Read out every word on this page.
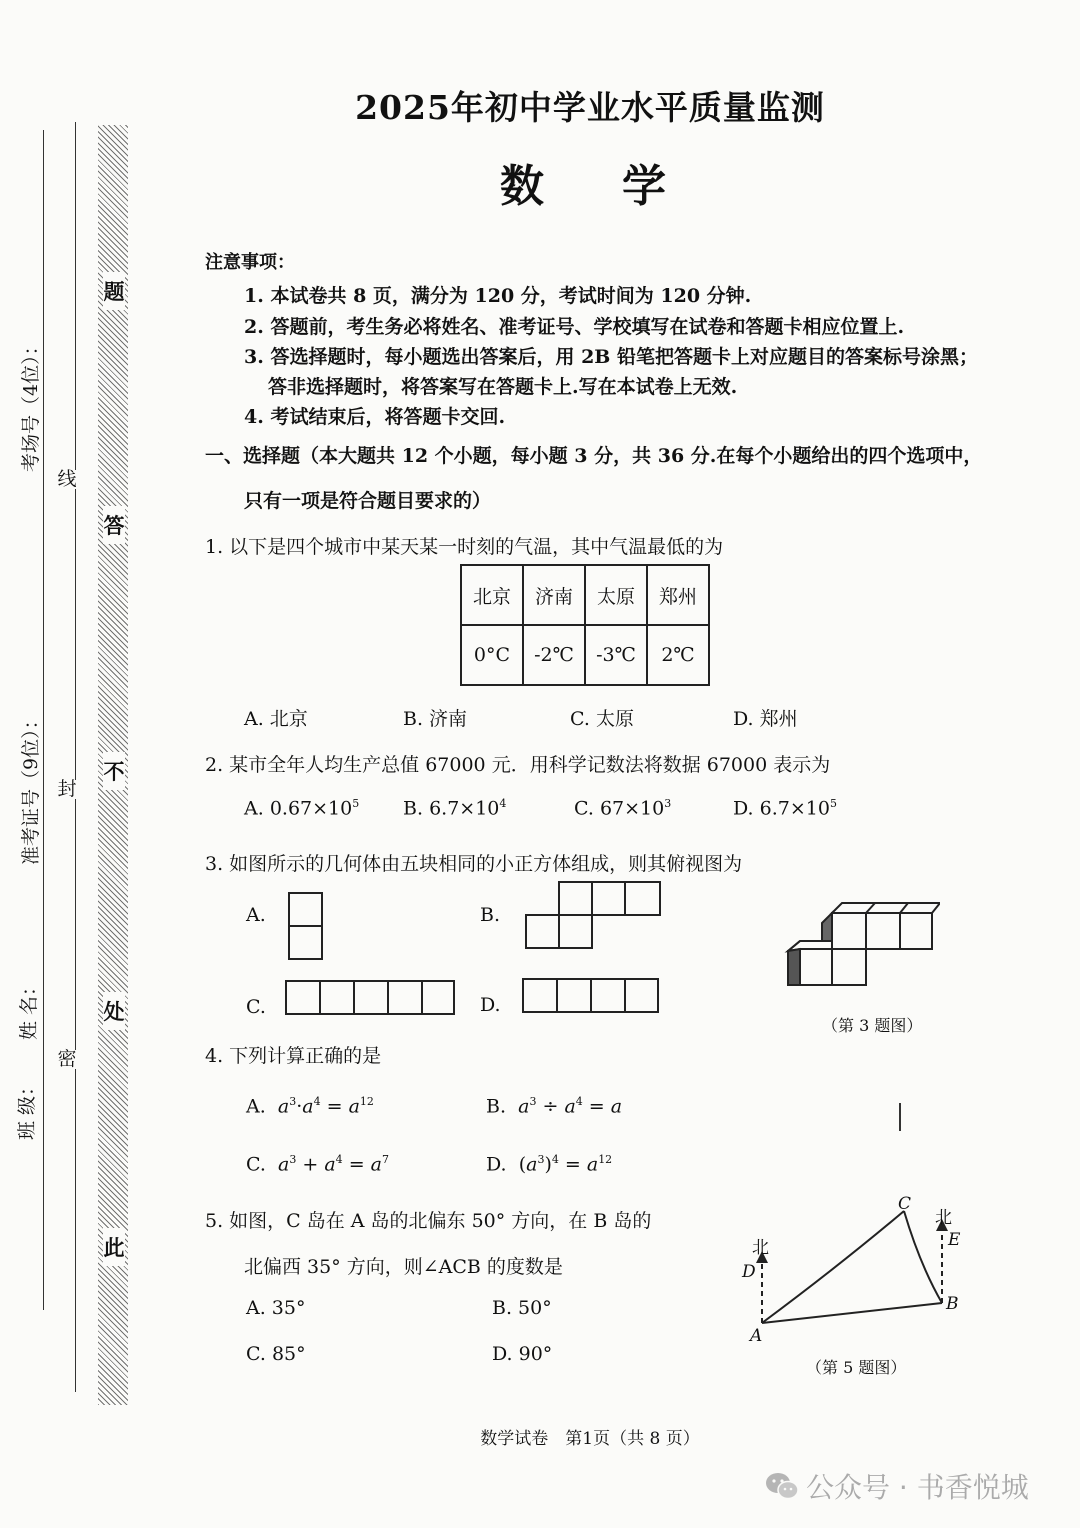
班 级：
姓 名：
准考证号（9位）：
考场号（4位）：
密
封
线
此
处
不
答
题
2025年初中学业水平质量监测
数学
注意事项：
1. 本试卷共 8 页，满分为 120 分，考试时间为 120 分钟.
2. 答题前，考生务必将姓名、准考证号、学校填写在试卷和答题卡相应位置上.
3. 答选择题时，每小题选出答案后，用 2B 铅笔把答题卡上对应题目的答案标号涂黑；
答非选择题时，将答案写在答题卡上.写在本试卷上无效.
4. 考试结束后，将答题卡交回.
一、选择题（本大题共 12 个小题，每小题 3 分，共 36 分.在每个小题给出的四个选项中，
只有一项是符合题目要求的）
1. 以下是四个城市中某天某一时刻的气温，其中气温最低的为
北京	济南	太原	郑州
0°C	-2℃	-3℃	2℃
A. 北京	B. 济南	C. 太原	D. 郑州
2. 某市全年人均生产总值 67000 元．用科学记数法将数据 67000 表示为
A. $0.67\times 10^5$ B. $6.7\times 10^4$	C. $67\times 10^3$	D. $6.7\times 10^5$
3. 如图所示的几何体由五块相同的小正方体组成，则其俯视图为
A.	B.
C.	D.
（第 3 题图）
4. 下列计算正确的是
A. $a^3\cdot a^4 = a^{12}$	B. $a^3 \div a^4 = a$
C. $a^3 + a^4 = a^7$	D.  $(a^3)^4 = a^{12}$
5. 如图，C 岛在 A 岛的北偏东 50° 方向，在 B 岛的
北偏西 35° 方向，则∠ACB 的度数是
A. 35°	B. 50°
C. 85°	D. 90°
北
北
A
B
C
D
E
（第 5 题图）
数学试卷　第1页（共 8 页）
公众号 · 书香悦城
